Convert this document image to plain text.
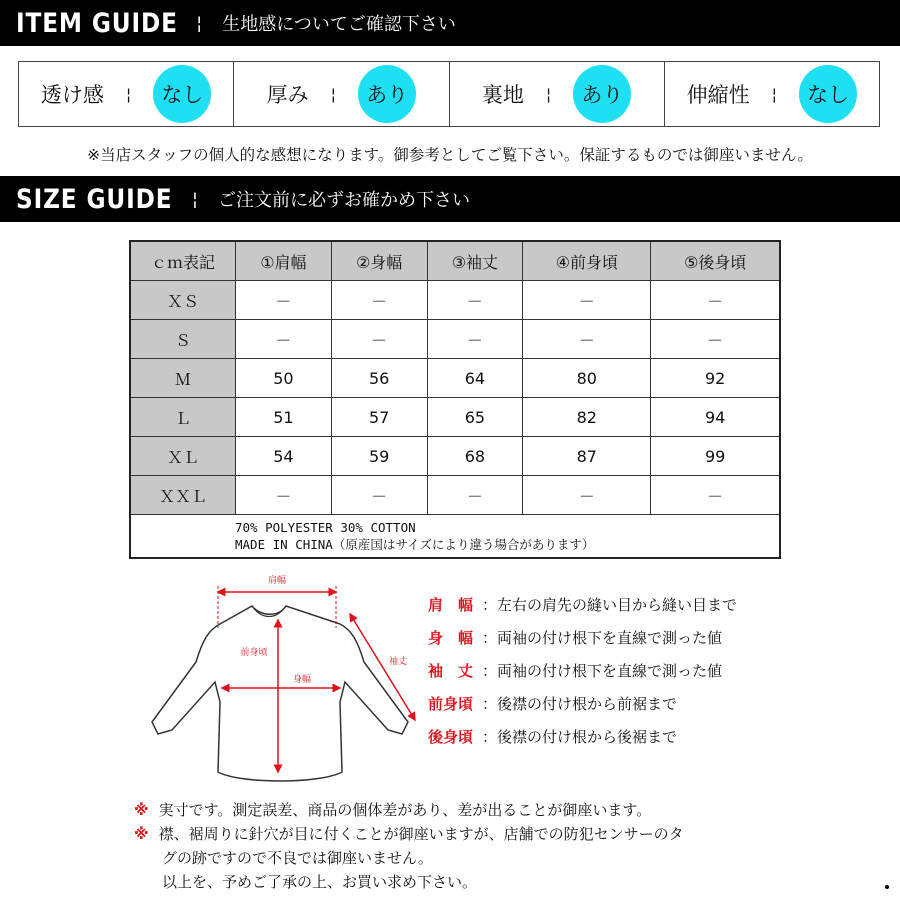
ITEM GUIDE ¦ 生地感についてご確認下さい
透け感 ¦	なし	厚み ¦	あり	裏地 ¦	あり	伸縮性 ¦	なし
※当店スタッフの個人的な感想になります。御参考としてご覧下さい。保証するものでは御座いません。
SIZE GUIDE ¦ ご注文前に必ずお確かめ下さい
ｃｍ表記	①肩幅	②身幅	③袖丈	④前身頃	⑤後身頃
ＸＳ	－	－	－	－	－
Ｓ	－	－	－	－	－
Ｍ	50	56	64	80	92
Ｌ	51	57	65	82	94
ＸＬ	54	59	68	87	99
ＸＸＬ	－	－	－	－	－

70% POLYESTER 30% COTTON
MADE IN CHINA（原産国はサイズにより違う場合があります）					
肩幅
前身頃
身幅
袖丈
肩　幅 ：左右の肩先の縫い目から縫い目まで
身　幅 ：両袖の付け根下を直線で測った値
袖　丈 ：両袖の付け根下を直線で測った値
前身頃 ：後襟の付け根から前裾まで
後身頃 ：後襟の付け根から後裾まで
※ 実寸です。測定誤差、商品の個体差があり、差が出ることが御座います。
※ 襟、裾周りに針穴が目に付くことが御座いますが、店舗での防犯センサーのタ
グの跡ですので不良では御座いません。
以上を、予めご了承の上、お買い求め下さい。
